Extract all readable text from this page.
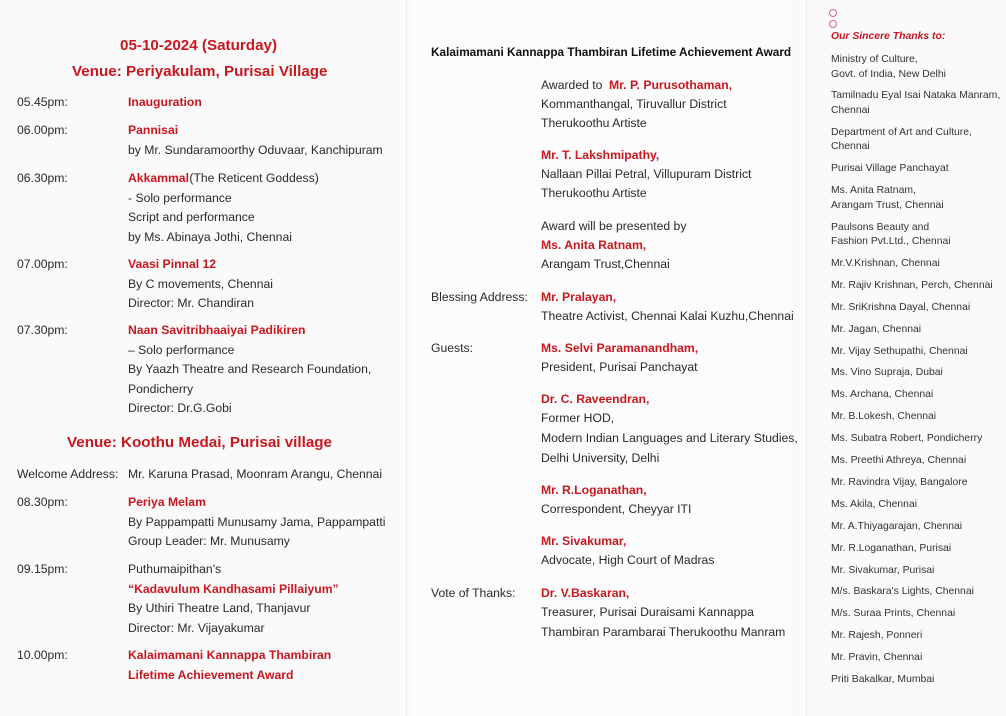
05-10-2024 (Saturday)
Venue: Periyakulam, Purisai Village
05.45pm:	Inauguration
06.00pm:	Pannisai
by Mr. Sundaramoorthy Oduvaar, Kanchipuram
06.30pm:	Akkammal
(The Reticent Goddess)
- Solo performance
Script and performance
by Ms. Abinaya Jothi, Chennai
07.00pm:	Vaasi Pinnal 12
By C movements, Chennai
Director: Mr. Chandiran
07.30pm:	Naan Savitribhaaiyai Padikiren
– Solo performance
By Yaazh Theatre and Research Foundation,
Pondicherry
Director: Dr.G.Gobi
Venue: Koothu Medai, Purisai village
Welcome Address: Mr. Karuna Prasad, Moonram Arangu, Chennai
08.30pm:	Periya Melam
By Pappampatti Munusamy Jama, Pappampatti
Group Leader: Mr. Munusamy
09.15pm:	Puthumaipithan's
“Kadavulum Kandhasami Pillaiyum”
By Uthiri Theatre Land, Thanjavur
Director: Mr. Vijayakumar
10.00pm:	Kalaimamani Kannappa Thambiran
Lifetime Achievement Award
Kalaimamani Kannappa Thambiran Lifetime Achievement Award
Awarded to Mr. P. Purusothaman,
Kommanthangal, Tiruvallur District
Therukoothu Artiste
Mr. T. Lakshmipathy,
Nallaan Pillai Petral, Villupuram District
Therukoothu Artiste
Award will be presented by
Ms. Anita Ratnam,
Arangam Trust,Chennai
Blessing Address: Mr. Pralayan,
Theatre Activist, Chennai Kalai Kuzhu,Chennai
Guests:	Ms. Selvi Paramanandham,
President, Purisai Panchayat
Dr. C. Raveendran,
Former HOD,
Modern Indian Languages and Literary Studies,
Delhi University, Delhi
Mr. R.Loganathan,
Correspondent, Cheyyar ITI
Mr. Sivakumar,
Advocate, High Court of Madras
Vote of Thanks: Dr. V.Baskaran,
Treasurer, Purisai Duraisami Kannappa
Thambiran Parambarai Therukoothu Manram
Our Sincere Thanks to:
Ministry of Culture,
Govt. of India, New Delhi
Tamilnadu Eyal Isai Nataka Manram,
Chennai
Department of Art and Culture,
Chennai
Purisai Village Panchayat
Ms. Anita Ratnam,
Arangam Trust, Chennai
Paulsons Beauty and
Fashion Pvt.Ltd., Chennai
Mr.V.Krishnan, Chennai
Mr. Rajiv Krishnan, Perch, Chennai
Mr. SriKrishna Dayal, Chennai
Mr. Jagan, Chennai
Mr. Vijay Sethupathi, Chennai
Ms. Vino Supraja, Dubai
Ms. Archana, Chennai
Mr. B.Lokesh, Chennai
Ms. Subatra Robert, Pondicherry
Ms. Preethi Athreya, Chennai
Mr. Ravindra Vijay, Bangalore
Ms. Akila, Chennai
Mr. A.Thiyagarajan, Chennai
Mr. R.Loganathan, Purisai
Mr. Sivakumar, Purisai
M/s. Baskara's Lights, Chennai
M/s. Suraa Prints, Chennai
Mr. Rajesh, Ponneri
Mr. Pravin, Chennai
Priti Bakalkar, Mumbai
